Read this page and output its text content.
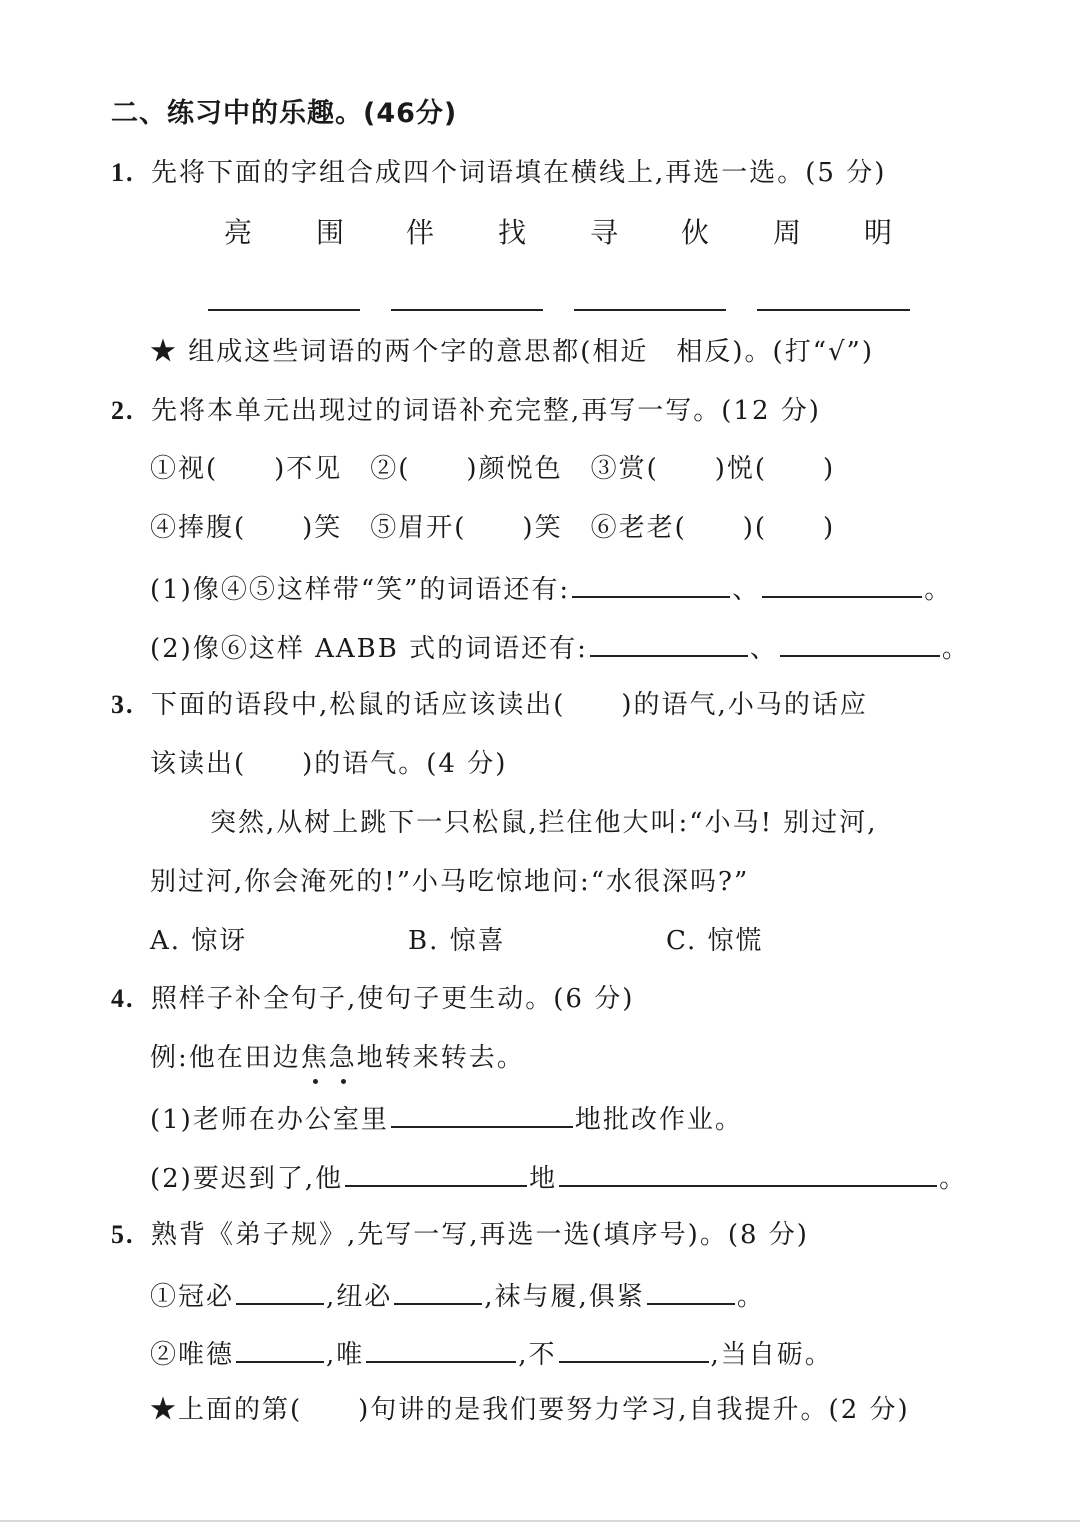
二、练习中的乐趣。(46分)
1. 先将下面的字组合成四个词语填在横线上,再选一选。(5 分)
亮 围 伴 找 寻 伙 周 明
★ 组成这些词语的两个字的意思都(相近　相反)。(打“√”)
2. 先将本单元出现过的词语补充完整,再写一写。(12 分)
①视(　　)不见　②(　　)颜悦色　③赏(　　)悦(　　)
④捧腹(　　)笑　⑤眉开(　　)笑　⑥老老(　　)(　　)
(1)像④⑤这样带“笑”的词语还有:	、	。
(2)像⑥这样 AABB 式的词语还有:	、	。
3. 下面的语段中,松鼠的话应该读出(　　)的语气,小马的话应
该读出(　　)的语气。(4 分)
突然,从树上跳下一只松鼠,拦住他大叫:“小马! 别过河,
别过河,你会淹死的!”小马吃惊地问:“水很深吗?”
A. 惊讶	B. 惊喜	C. 惊慌
4. 照样子补全句子,使句子更生动。(6 分)
例:他在田边焦急地转来转去。
(1)老师在办公室里	地批改作业。
(2)要迟到了,他	地	。
5. 熟背《弟子规》,先写一写,再选一选(填序号)。(8 分)
①冠必	,纽必	,袜与履,俱紧	。
②唯德	,唯	,不	,当自砺。
★上面的第(　　)句讲的是我们要努力学习,自我提升。(2 分)
